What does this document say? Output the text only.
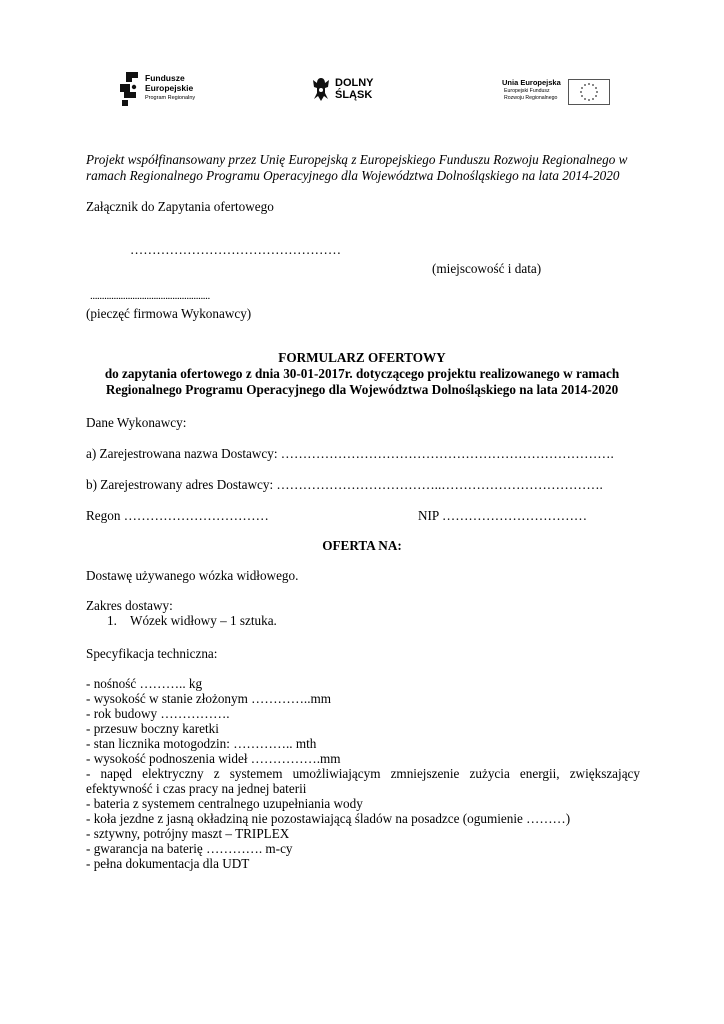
Fundusze
Europejskie
Program Regionalny
DOLNY
ŚLĄSK
Unia Europejska
Europejski Fundusz
Rozwoju Regionalnego
Projekt współfinansowany przez Unię Europejską z Europejskiego Funduszu Rozwoju Regionalnego w
ramach Regionalnego Programu Operacyjnego dla Województwa Dolnośląskiego na lata 2014-2020
Załącznik do Zapytania ofertowego
…………………………………………
(miejscowość i data)
...................................................
(pieczęć firmowa Wykonawcy)
FORMULARZ OFERTOWY
do zapytania ofertowego z dnia 30-01-2017r. dotyczącego projektu realizowanego w ramach
Regionalnego Programu Operacyjnego dla Województwa Dolnośląskiego na lata 2014-2020
Dane Wykonawcy:
a) Zarejestrowana nazwa Dostawcy: ………………………………………………………………….
b) Zarejestrowany adres Dostawcy: ………………………………..……………………………….
Regon ……………………………	NIP ……………………………
OFERTA NA:
Dostawę używanego wózka widłowego.
Zakres dostawy:
1. Wózek widłowy – 1 sztuka.
Specyfikacja techniczna:
- nośność ……….. kg
- wysokość w stanie złożonym …………..mm
- rok budowy …………….
- przesuw boczny karetki
- stan licznika motogodzin: ………….. mth
- wysokość podnoszenia wideł …………….mm
- napęd elektryczny z systemem umożliwiającym zmniejszenie zużycia energii, zwiększający
efektywność i czas pracy na jednej baterii
- bateria z systemem centralnego uzupełniania wody
- koła jezdne z jasną okładziną nie pozostawiającą śladów na posadzce (ogumienie ………)
- sztywny, potrójny maszt – TRIPLEX
- gwarancja na baterię …………. m-cy
- pełna dokumentacja dla UDT
